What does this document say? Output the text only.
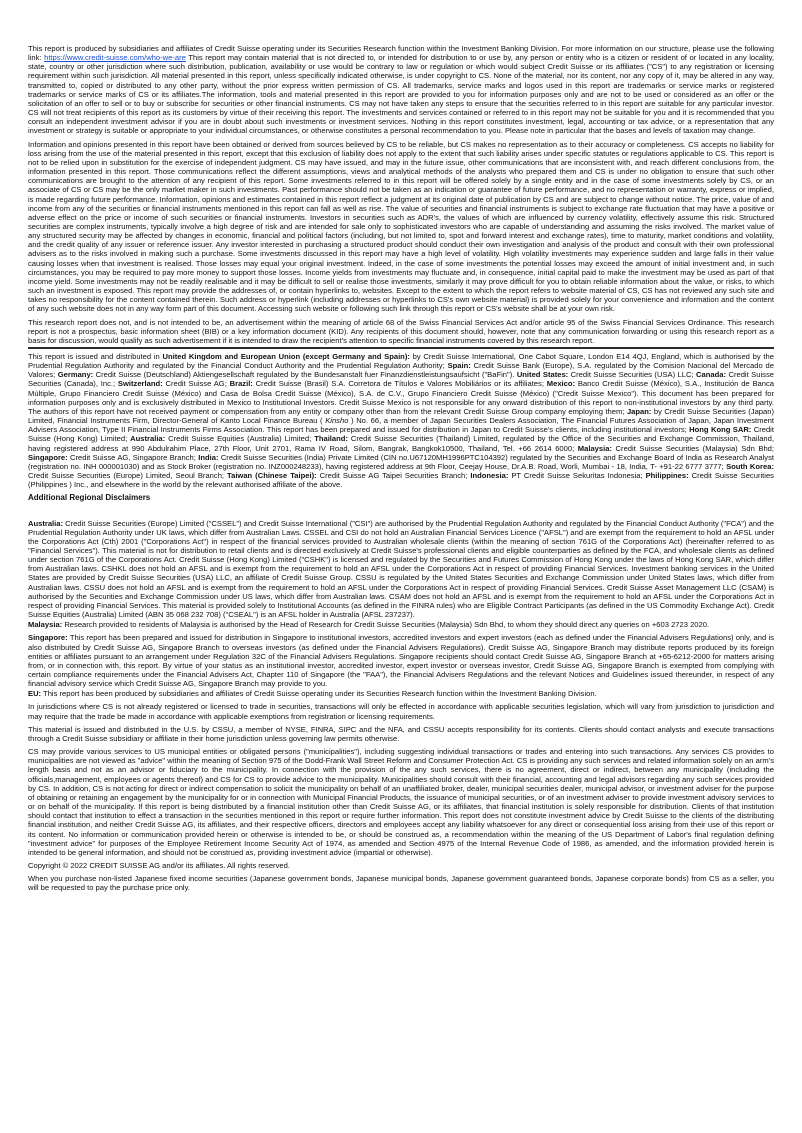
This report is produced by subsidiaries and affiliates of Credit Suisse operating under its Securities Research function within the Investment Banking Division. For more information on our structure, please use the following link: https://www.credit-suisse.com/who-we-are This report may contain material that is not directed to, or intended for distribution to or use by, any person or entity who is a citizen or resident of or located in any locality, state, country or other jurisdiction where such distribution, publication, availability or use would be contrary to law or regulation or which would subject Credit Suisse or its affiliates ("CS") to any registration or licensing requirement within such jurisdiction. All material presented in this report, unless specifically indicated otherwise, is under copyright to CS. None of the material, nor its content, nor any copy of it, may be altered in any way, transmitted to, copied or distributed to any other party, without the prior express written permission of CS. All trademarks, service marks and logos used in this report are trademarks or service marks or registered trademarks or service marks of CS or its affiliates.The information, tools and material presented in this report are provided to you for information purposes only and are not to be used or considered as an offer or the solicitation of an offer to sell or to buy or subscribe for securities or other financial instruments. CS may not have taken any steps to ensure that the securities referred to in this report are suitable for any particular investor. CS will not treat recipients of this report as its customers by virtue of their receiving this report. The investments and services contained or referred to in this report may not be suitable for you and it is recommended that you consult an independent investment advisor if you are in doubt about such investments or investment services. Nothing in this report constitutes investment, legal, accounting or tax advice, or a representation that any investment or strategy is suitable or appropriate to your individual circumstances, or otherwise constitutes a personal recommendation to you. Please note in particular that the bases and levels of taxation may change.

Information and opinions presented in this report have been obtained or derived from sources believed by CS to be reliable, but CS makes no representation as to their accuracy or completeness. CS accepts no liability for loss arising from the use of the material presented in this report, except that this exclusion of liability does not apply to the extent that such liability arises under specific statutes or regulations applicable to CS. This report is not to be relied upon in substitution for the exercise of independent judgment. CS may have issued, and may in the future issue, other communications that are inconsistent with, and reach different conclusions from, the information presented in this report. Those communications reflect the different assumptions, views and analytical methods of the analysts who prepared them and CS is under no obligation to ensure that such other communications are brought to the attention of any recipient of this report. Some investments referred to in this report will be offered solely by a single entity and in the case of some investments solely by CS, or an associate of CS or CS may be the only market maker in such investments. Past performance should not be taken as an indication or guarantee of future performance, and no representation or warranty, express or implied, is made regarding future performance. Information, opinions and estimates contained in this report reflect a judgment at its original date of publication by CS and are subject to change without notice. The price, value of and income from any of the securities or financial instruments mentioned in this report can fall as well as rise. The value of securities and financial instruments is subject to exchange rate fluctuation that may have a positive or adverse effect on the price or income of such securities or financial instruments. Investors in securities such as ADR's, the values of which are influenced by currency volatility, effectively assume this risk. Structured securities are complex instruments, typically involve a high degree of risk and are intended for sale only to sophisticated investors who are capable of understanding and assuming the risks involved. The market value of any structured security may be affected by changes in economic, financial and political factors (including, but not limited to, spot and forward interest and exchange rates), time to maturity, market conditions and volatility, and the credit quality of any issuer or reference issuer. Any investor interested in purchasing a structured product should conduct their own investigation and analysis of the product and consult with their own professional advisers as to the risks involved in making such a purchase. Some investments discussed in this report may have a high level of volatility. High volatility investments may experience sudden and large falls in their value causing losses when that investment is realised. Those losses may equal your original investment. Indeed, in the case of some investments the potential losses may exceed the amount of initial investment and, in such circumstances, you may be required to pay more money to support those losses. Income yields from investments may fluctuate and, in consequence, initial capital paid to make the investment may be used as part of that income yield. Some investments may not be readily realisable and it may be difficult to sell or realise those investments, similarly it may prove difficult for you to obtain reliable information about the value, or risks, to which such an investment is exposed. This report may provide the addresses of, or contain hyperlinks to, websites. Except to the extent to which the report refers to website material of CS, CS has not reviewed any such site and takes no responsibility for the content contained therein. Such address or hyperlink (including addresses or hyperlinks to CS's own website material) is provided solely for your convenience and information and the content of any such website does not in any way form part of this document. Accessing such website or following such link through this report or CS's website shall be at your own risk.

This research report does not, and is not intended to be, an advertisement within the meaning of article 68 of the Swiss Financial Services Act and/or article 95 of the Swiss Financial Services Ordinance. This research report is not a prospectus, basic information sheet (BIB) or a key information document (KID). Any recipients of this document should, however, note that any communication forwarding or using this research report as a basis for discussion, would qualify as such advertisement if it is intended to draw the recipient's attention to specific financial instruments covered by this research report.

This report is issued and distributed in United Kingdom and European Union (except Germany and Spain): by Credit Suisse International, One Cabot Square, London E14 4QJ, England, which is authorised by the Prudential Regulation Authority and regulated by the Financial Conduct Authority and the Prudential Regulation Authority; Spain: Credit Suisse Bank (Europe), S.A. regulated by the Comision Nacional del Mercado de Valores; Germany: Credit Suisse (Deutschland) Aktiengesellschaft regulated by the Bundesanstalt fuer Finanzdienstleistungsaufsicht ("BaFin"). United States: Credit Suisse Securities (USA) LLC; Canada: Credit Suisse Securities (Canada), Inc.; Switzerland: Credit Suisse AG; Brazil: Credit Suisse (Brasil) S.A. Corretora de Títulos e Valores Mobiliários or its affiliates; Mexico: Banco Credit Suisse (México), S.A., Institución de Banca Múltiple, Grupo Financiero Credit Suisse (México) and Casa de Bolsa Credit Suisse (México), S.A. de C.V., Grupo Financiero Credit Suisse (México) ("Credit Suisse Mexico"). This document has been prepared for information purposes only and is exclusively distributed in Mexico to Institutional Investors. Credit Suisse Mexico is not responsible for any onward distribution of this report to non-institutional investors by any third party. The authors of this report have not received payment or compensation from any entity or company other than from the relevant Credit Suisse Group company employing them; Japan: by Credit Suisse Securities (Japan) Limited, Financial Instruments Firm, Director-General of Kanto Local Finance Bureau ( Kinsho ) No. 66, a member of Japan Securities Dealers Association, The Financial Futures Association of Japan, Japan Investment Advisers Association, Type II Financial Instruments Firms Association. This report has been prepared and issued for distribution in Japan to Credit Suisse's clients, including institutional investors; Hong Kong SAR: Credit Suisse (Hong Kong) Limited; Australia: Credit Suisse Equities (Australia) Limited; Thailand: Credit Suisse Securities (Thailand) Limited, regulated by the Office of the Securities and Exchange Commission, Thailand, having registered address at 990 Abdulrahim Place, 27th Floor, Unit 2701, Rama IV Road, Silom, Bangrak, Bangkok10500, Thailand, Tel. +66 2614 6000; Malaysia: Credit Suisse Securities (Malaysia) Sdn Bhd; Singapore: Credit Suisse AG, Singapore Branch; India: Credit Suisse Securities (India) Private Limited (CIN no.U67120MH1996PTC104392) regulated by the Securities and Exchange Board of India as Research Analyst (registration no. INH 000001030) and as Stock Broker (registration no. INZ000248233), having registered address at 9th Floor, Ceejay House, Dr.A.B. Road, Worli, Mumbai - 18, India, T- +91-22 6777 3777; South Korea: Credit Suisse Securities (Europe) Limited, Seoul Branch; Taiwan (Chinese Taipei): Credit Suisse AG Taipei Securities Branch; Indonesia: PT Credit Suisse Sekuritas Indonesia; Philippines: Credit Suisse Securities (Philippines ) Inc., and elsewhere in the world by the relevant authorised affiliate of the above.

Additional Regional Disclaimers

Australia: Credit Suisse Securities (Europe) Limited ("CSSEL") and Credit Suisse International ("CSI") are authorised by the Prudential Regulation Authority and regulated by the Financial Conduct Authority ("FCA") and the Prudential Regulation Authority under UK laws, which differ from Australian Laws. CSSEL and CSI do not hold an Australian Financial Services Licence ("AFSL") and are exempt from the requirement to hold an AFSL under the Corporations Act (Cth) 2001 ("Corporations Act") in respect of the financial services provided to Australian wholesale clients (within the meaning of section 761G of the Corporations Act) (hereinafter referred to as "Financial Services"). This material is not for distribution to retail clients and is directed exclusively at Credit Suisse's professional clients and eligible counterparties as defined by the FCA, and wholesale clients as defined under section 761G of the Corporations Act. Credit Suisse (Hong Kong) Limited ("CSHK") is licensed and regulated by the Securities and Futures Commission of Hong Kong under the laws of Hong Kong SAR, which differ from Australian laws. CSHKL does not hold an AFSL and is exempt from the requirement to hold an AFSL under the Corporations Act in respect of providing Financial Services. Investment banking services in the United States are provided by Credit Suisse Securities (USA) LLC, an affiliate of Credit Suisse Group. CSSU is regulated by the United States Securities and Exchange Commission under United States laws, which differ from Australian laws. CSSU does not hold an AFSL and is exempt from the requirement to hold an AFSL under the Corporations Act in respect of providing Financial Services. Credit Suisse Asset Management LLC (CSAM) is authorised by the Securities and Exchange Commission under US laws, which differ from Australian laws. CSAM does not hold an AFSL and is exempt from the requirement to hold an AFSL under the Corporations Act in respect of providing Financial Services. This material is provided solely to Institutional Accounts (as defined in the FINRA rules) who are Eligible Contract Participants (as defined in the US Commodity Exchange Act). Credit Suisse Equities (Australia) Limited (ABN 35 068 232 708) ("CSEAL") is an AFSL holder in Australia (AFSL 237237).

Malaysia: Research provided to residents of Malaysia is authorised by the Head of Research for Credit Suisse Securities (Malaysia) Sdn Bhd, to whom they should direct any queries on +603 2723 2020.

Singapore: This report has been prepared and issued for distribution in Singapore to institutional investors, accredited investors and expert investors (each as defined under the Financial Advisers Regulations) only, and is also distributed by Credit Suisse AG, Singapore Branch to overseas investors (as defined under the Financial Advisers Regulations). Credit Suisse AG, Singapore Branch may distribute reports produced by its foreign entities or affiliates pursuant to an arrangement under Regulation 32C of the Financial Advisers Regulations. Singapore recipients should contact Credit Suisse AG, Singapore Branch at +65-6212-2000 for matters arising from, or in connection with, this report. By virtue of your status as an institutional investor, accredited investor, expert investor or overseas investor, Credit Suisse AG, Singapore Branch is exempted from complying with certain compliance requirements under the Financial Advisers Act, Chapter 110 of Singapore (the "FAA"), the Financial Advisers Regulations and the relevant Notices and Guidelines issued thereunder, in respect of any financial advisory service which Credit Suisse AG, Singapore Branch may provide to you.

EU: This report has been produced by subsidiaries and affiliates of Credit Suisse operating under its Securities Research function within the Investment Banking Division.

In jurisdictions where CS is not already registered or licensed to trade in securities, transactions will only be effected in accordance with applicable securities legislation, which will vary from jurisdiction to jurisdiction and may require that the trade be made in accordance with applicable exemptions from registration or licensing requirements.

This material is issued and distributed in the U.S. by CSSU, a member of NYSE, FINRA, SIPC and the NFA, and CSSU accepts responsibility for its contents. Clients should contact analysts and execute transactions through a Credit Suisse subsidiary or affiliate in their home jurisdiction unless governing law permits otherwise.

CS may provide various services to US municipal entities or obligated persons ("municipalities"), including suggesting individual transactions or trades and entering into such transactions. Any services CS provides to municipalities are not viewed as "advice" within the meaning of Section 975 of the Dodd-Frank Wall Street Reform and Consumer Protection Act. CS is providing any such services and related information solely on an arm's length basis and not as an advisor or fiduciary to the municipality. In connection with the provision of the any such services, there is no agreement, direct or indirect, between any municipality (including the officials,management, employees or agents thereof) and CS for CS to provide advice to the municipality. Municipalities should consult with their financial, accounting and legal advisors regarding any such services provided by CS. In addition, CS is not acting for direct or indirect compensation to solicit the municipality on behalf of an unaffiliated broker, dealer, municipal securities dealer, municipal advisor, or investment adviser for the purpose of obtaining or retaining an engagement by the municipality for or in connection with Municipal Financial Products, the issuance of municipal securities, or of an investment adviser to provide investment advisory services to or on behalf of the municipality. If this report is being distributed by a financial institution other than Credit Suisse AG, or its affiliates, that financial institution is solely responsible for distribution. Clients of that institution should contact that institution to effect a transaction in the securities mentioned in this report or require further information. This report does not constitute investment advice by Credit Suisse to the clients of the distributing financial institution, and neither Credit Suisse AG, its affiliates, and their respective officers, directors and employees accept any liability whatsoever for any direct or consequential loss arising from their use of this report or its content. No information or communication provided herein or otherwise is intended to be, or should be construed as, a recommendation within the meaning of the US Department of Labor's final regulation defining "investment advice" for purposes of the Employee Retirement Income Security Act of 1974, as amended and Section 4975 of the Internal Revenue Code of 1986, as amended, and the information provided herein is intended to be general information, and should not be construed as, providing investment advice (impartial or otherwise).

Copyright © 2022 CREDIT SUISSE AG and/or its affiliates. All rights reserved.

When you purchase non-listed Japanese fixed income securities (Japanese government bonds, Japanese municipal bonds, Japanese government guaranteed bonds, Japanese corporate bonds) from CS as a seller, you will be requested to pay the purchase price only.
